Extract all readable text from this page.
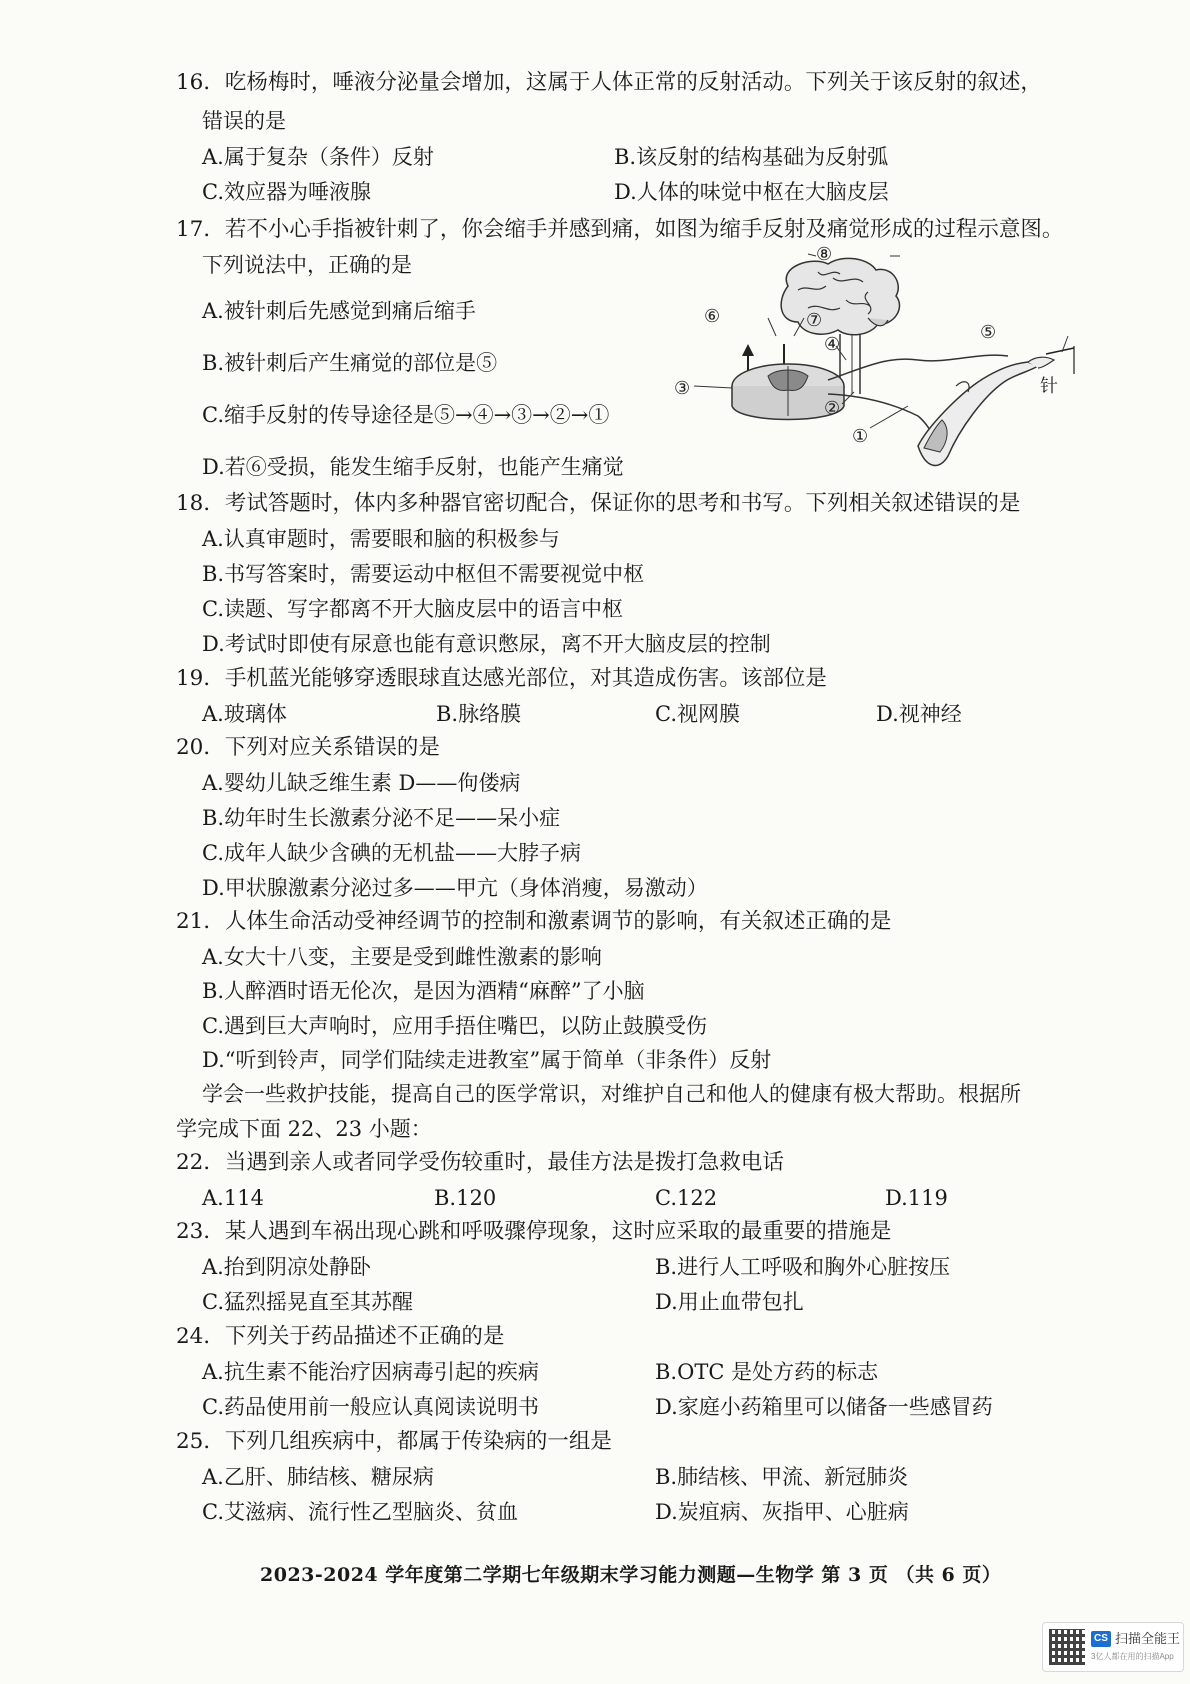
16．吃杨梅时，唾液分泌量会增加，这属于人体正常的反射活动。下列关于该反射的叙述，
错误的是
A.属于复杂（条件）反射	B.该反射的结构基础为反射弧
C.效应器为唾液腺	D.人体的味觉中枢在大脑皮层
17．若不小心手指被针刺了，你会缩手并感到痛，如图为缩手反射及痛觉形成的过程示意图。
下列说法中，正确的是
A.被针刺后先感觉到痛后缩手
B.被针刺后产生痛觉的部位是⑤
C.缩手反射的传导途径是⑤→④→③→②→①
D.若⑥受损，能发生缩手反射，也能产生痛觉
⑧
⑥	⑦
④
⑤
③
②
①
针
18．考试答题时，体内多种器官密切配合，保证你的思考和书写。下列相关叙述错误的是
A.认真审题时，需要眼和脑的积极参与
B.书写答案时，需要运动中枢但不需要视觉中枢
C.读题、写字都离不开大脑皮层中的语言中枢
D.考试时即使有尿意也能有意识憋尿，离不开大脑皮层的控制
19．手机蓝光能够穿透眼球直达感光部位，对其造成伤害。该部位是
A.玻璃体	B.脉络膜	C.视网膜	D.视神经
20．下列对应关系错误的是
A.婴幼儿缺乏维生素 D——佝偻病
B.幼年时生长激素分泌不足——呆小症
C.成年人缺少含碘的无机盐——大脖子病
D.甲状腺激素分泌过多——甲亢（身体消瘦，易激动）
21．人体生命活动受神经调节的控制和激素调节的影响，有关叙述正确的是
A.女大十八变，主要是受到雌性激素的影响
B.人醉酒时语无伦次，是因为酒精“麻醉”了小脑
C.遇到巨大声响时，应用手捂住嘴巴，以防止鼓膜受伤
D.“听到铃声，同学们陆续走进教室”属于简单（非条件）反射
学会一些救护技能，提高自己的医学常识，对维护自己和他人的健康有极大帮助。根据所
学完成下面 22、23 小题：
22．当遇到亲人或者同学受伤较重时，最佳方法是拨打急救电话
A.114	B.120	C.122	D.119
23．某人遇到车祸出现心跳和呼吸骤停现象，这时应采取的最重要的措施是
A.抬到阴凉处静卧	B.进行人工呼吸和胸外心脏按压
C.猛烈摇晃直至其苏醒	D.用止血带包扎
24．下列关于药品描述不正确的是
A.抗生素不能治疗因病毒引起的疾病	B.OTC 是处方药的标志
C.药品使用前一般应认真阅读说明书	D.家庭小药箱里可以储备一些感冒药
25．下列几组疾病中，都属于传染病的一组是
A.乙肝、肺结核、糖尿病	B.肺结核、甲流、新冠肺炎
C.艾滋病、流行性乙型脑炎、贫血	D.炭疽病、灰指甲、心脏病
2023-2024 学年度第二学期七年级期末学习能力测题—生物学 第 3 页 （共 6 页）
CS 扫描全能王
3亿人都在用的扫描App
